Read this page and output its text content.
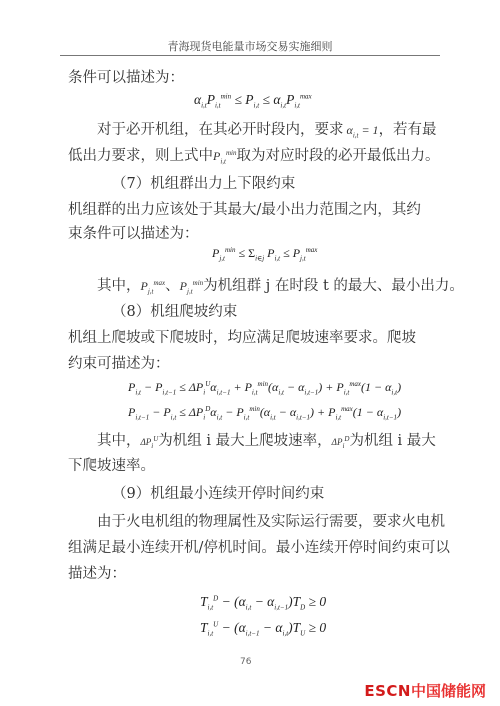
青海现货电能量市场交易实施细则
条件可以描述为：
$\alpha_{i,t}P_{i,t}^{min} \le P_{i,t} \le \alpha_{i,t}P_{i,t}^{max}$
对于必开机组，在其必开时段内，要求 $\alpha_{i,t} = 1$，若有最
低出力要求，则上式中$P_{i,t}^{min}$取为对应时段的必开最低出力。
（7）机组群出力上下限约束
机组群的出力应该处于其最大/最小出力范围之内，其约
束条件可以描述为：
$P_{j,t}^{min} \le \Sigma_{i\in j}$ $P_{i,t} \le P_{j,t}^{max}$
其中，$P_{j,t}^{max}$、$P_{j,t}^{min}$为机组群 j 在时段 t 的最大、最小出力。
（8）机组爬坡约束
机组上爬坡或下爬坡时，均应满足爬坡速率要求。爬坡
约束可描述为：
$P_{i,t} - P_{i,t-1} \le \Delta P_i^U\alpha_{i,t-1} + P_{i,t}^{min}(\alpha_{i,t} - \alpha_{i,t-1}) + P_{i,t}^{max}(1 - \alpha_{i,t})$
$P_{i,t-1} - P_{i,t} \le \Delta P_i^D\alpha_{i,t} - P_{i,t}^{min}(\alpha_{i,t} - \alpha_{i,t-1}) + P_{i,t}^{max}(1 - \alpha_{i,t-1})$
其中，$\Delta P_i^U$为机组 i 最大上爬坡速率，$\Delta P_i^D$为机组 i 最大
下爬坡速率。
（9）机组最小连续开停时间约束
由于火电机组的物理属性及实际运行需要，要求火电机
组满足最小连续开机/停机时间。最小连续开停时间约束可以
描述为：
$T_{i,t}^D - (\alpha_{i,t} - \alpha_{i,t-1})T_D \ge 0$
$T_{i,t}^U - (\alpha_{i,t-1} - \alpha_{i,t})T_U \ge 0$
76
ESCN中国储能网
